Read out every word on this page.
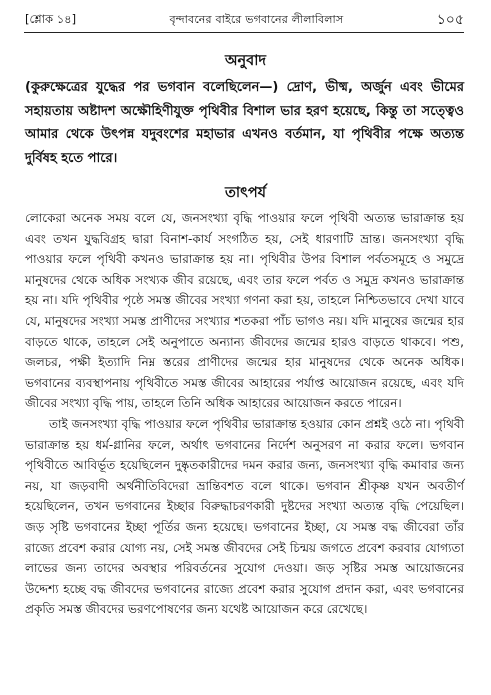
[শ্লোক ১৪]	বৃন্দাবনের বাইরে ভগবানের লীলাবিলাস	১০৫
অনুবাদ
(কুরুক্ষেত্রের যুদ্ধের পর ভগবান বলেছিলেন—) দ্রোণ, ভীষ্ম, অর্জুন এবং ভীমের সহায়তায় অষ্টাদশ অক্ষৌহিণীযুক্ত পৃথিবীর বিশাল ভার হরণ হয়েছে, কিন্তু তা সত্ত্বেও আমার থেকে উৎপন্ন যদুবংশের মহাভার এখনও বর্তমান, যা পৃথিবীর পক্ষে অত্যন্ত দুর্বিষহ হতে পারে।
তাৎপর্য

লোকেরা অনেক সময় বলে যে, জনসংখ্যা বৃদ্ধি পাওয়ার ফলে পৃথিবী অত্যন্ত ভারাক্রান্ত হয় এবং তখন যুদ্ধবিগ্রহ দ্বারা বিনাশ-কার্য সংগঠিত হয়, সেই ধারণাটি ভ্রান্ত। জনসংখ্যা বৃদ্ধি পাওয়ার ফলে পৃথিবী কখনও ভারাক্রান্ত হয় না। পৃথিবীর উপর বিশাল পর্বতসমূহে ও সমুদ্রে মানুষদের থেকে অধিক সংখ্যক জীব রয়েছে, এবং তার ফলে পর্বত ও সমুদ্র কখনও ভারাক্রান্ত হয় না। যদি পৃথিবীর পৃষ্ঠে সমস্ত জীবের সংখ্যা গণনা করা হয়, তাহলে নিশ্চিতভাবে দেখা যাবে যে, মানুষদের সংখ্যা সমস্ত প্রাণীদের সংখ্যার শতকরা পাঁচ ভাগও নয়। যদি মানুষের জন্মের হার বাড়তে থাকে, তাহলে সেই অনুপাতে অন্যান্য জীবদের জন্মের হারও বাড়তে থাকবে। পশু, জলচর, পক্ষী ইত্যাদি নিম্ন স্তরের প্রাণীদের জন্মের হার মানুষদের থেকে অনেক অধিক। ভগবানের ব্যবস্থাপনায় পৃথিবীতে সমস্ত জীবের আহারের পর্যাপ্ত আয়োজন রয়েছে, এবং যদি জীবের সংখ্যা বৃদ্ধি পায়, তাহলে তিনি অধিক আহারের আয়োজন করতে পারেন।

তাই জনসংখ্যা বৃদ্ধি পাওয়ার ফলে পৃথিবীর ভারাক্রান্ত হওয়ার কোন প্রশ্নই ওঠে না। পৃথিবী ভারাক্রান্ত হয় ধর্ম-গ্লানির ফলে, অর্থাৎ ভগবানের নির্দেশ অনুসরণ না করার ফলে। ভগবান পৃথিবীতে আবির্ভূত হয়েছিলেন দুষ্কৃতকারীদের দমন করার জন্য, জনসংখ্যা বৃদ্ধি কমাবার জন্য নয়, যা জড়বাদী অর্থনীতিবিদেরা ভ্রান্তিবশত বলে থাকে। ভগবান শ্রীকৃষ্ণ যখন অবতীর্ণ হয়েছিলেন, তখন ভগবানের ইচ্ছার বিরুদ্ধাচরণকারী দুষ্টদের সংখ্যা অত্যন্ত বৃদ্ধি পেয়েছিল। জড় সৃষ্টি ভগবানের ইচ্ছা পূর্তির জন্য হয়েছে। ভগবানের ইচ্ছা, যে সমস্ত বদ্ধ জীবেরা তাঁর রাজ্যে প্রবেশ করার যোগ্য নয়, সেই সমস্ত জীবদের সেই চিন্ময় জগতে প্রবেশ করবার যোগ্যতা লাভের জন্য তাদের অবস্থার পরিবর্তনের সুযোগ দেওয়া। জড় সৃষ্টির সমস্ত আয়োজনের উদ্দেশ্য হচ্ছে বদ্ধ জীবদের ভগবানের রাজ্যে প্রবেশ করার সুযোগ প্রদান করা, এবং ভগবানের প্রকৃতি সমস্ত জীবদের ভরণপোষণের জন্য যথেষ্ট আয়োজন করে রেখেছে।
